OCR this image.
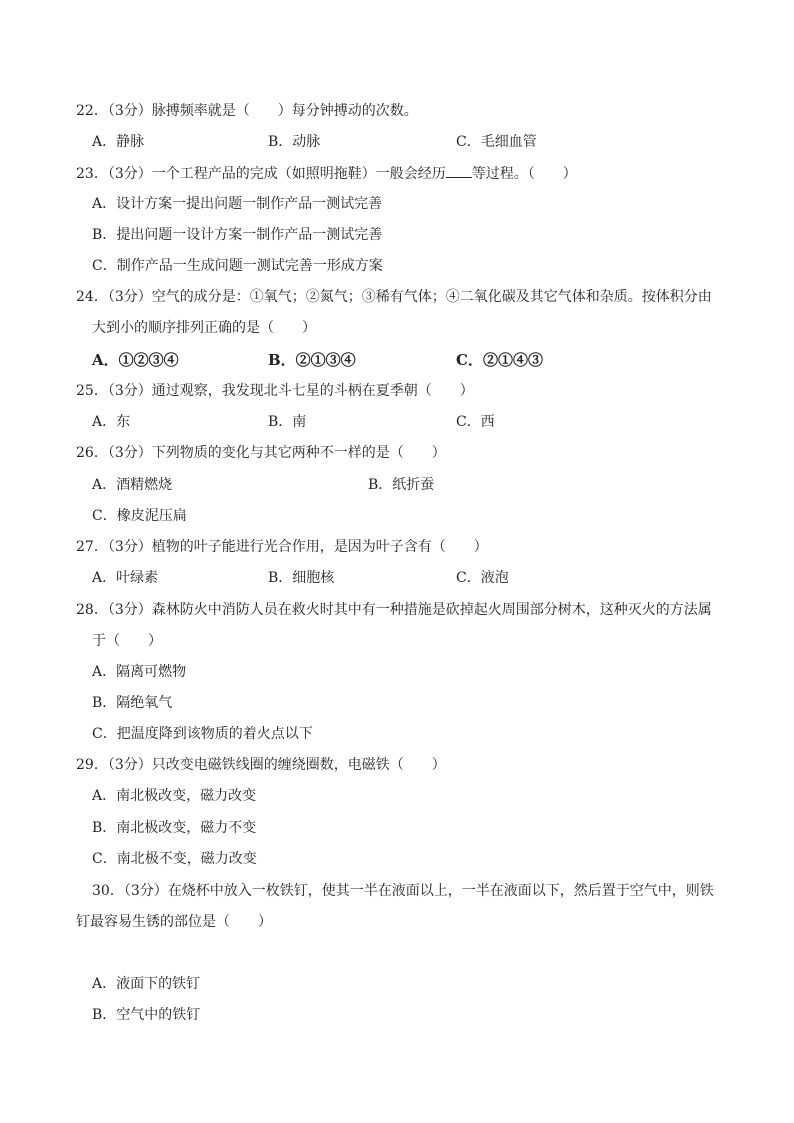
22．（3分）脉搏频率就是（　　）每分钟搏动的次数。
A．静脉	B．动脉	C．毛细血管
23．（3分）一个工程产品的完成（如照明拖鞋）一般会经历 等过程。（　　）
A．设计方案一提出问题一制作产品一测试完善
B．提出问题一设计方案一制作产品一测试完善
C．制作产品一生成问题一测试完善一形成方案
24．（3分）空气的成分是：①氧气；②氮气；③稀有气体；④二氧化碳及其它气体和杂质。按体积分由
大到小的顺序排列正确的是（　　）
A．①②③④	B．②①③④	C．②①④③
25．（3分）通过观察，我发现北斗七星的斗柄在夏季朝（　　）
A．东	B．南	C．西
26．（3分）下列物质的变化与其它两种不一样的是（　　）
A．酒精燃烧	B．纸折蚕
C．橡皮泥压扁
27．（3分）植物的叶子能进行光合作用，是因为叶子含有（　　）
A．叶绿素	B．细胞核	C．液泡
28．（3分）森林防火中消防人员在救火时其中有一种措施是砍掉起火周围部分树木，这种灭火的方法属
于（　　）
A．隔离可燃物
B．隔绝氧气
C．把温度降到该物质的着火点以下
29．（3分）只改变电磁铁线圈的缠绕圈数，电磁铁（　　）
A．南北极改变，磁力改变
B．南北极改变，磁力不变
C．南北极不变，磁力改变
30．（3分）在烧杯中放入一枚铁钉，使其一半在液面以上，一半在液面以下，然后置于空气中，则铁
钉最容易生锈的部位是（　　）
A．液面下的铁钉
B．空气中的铁钉
